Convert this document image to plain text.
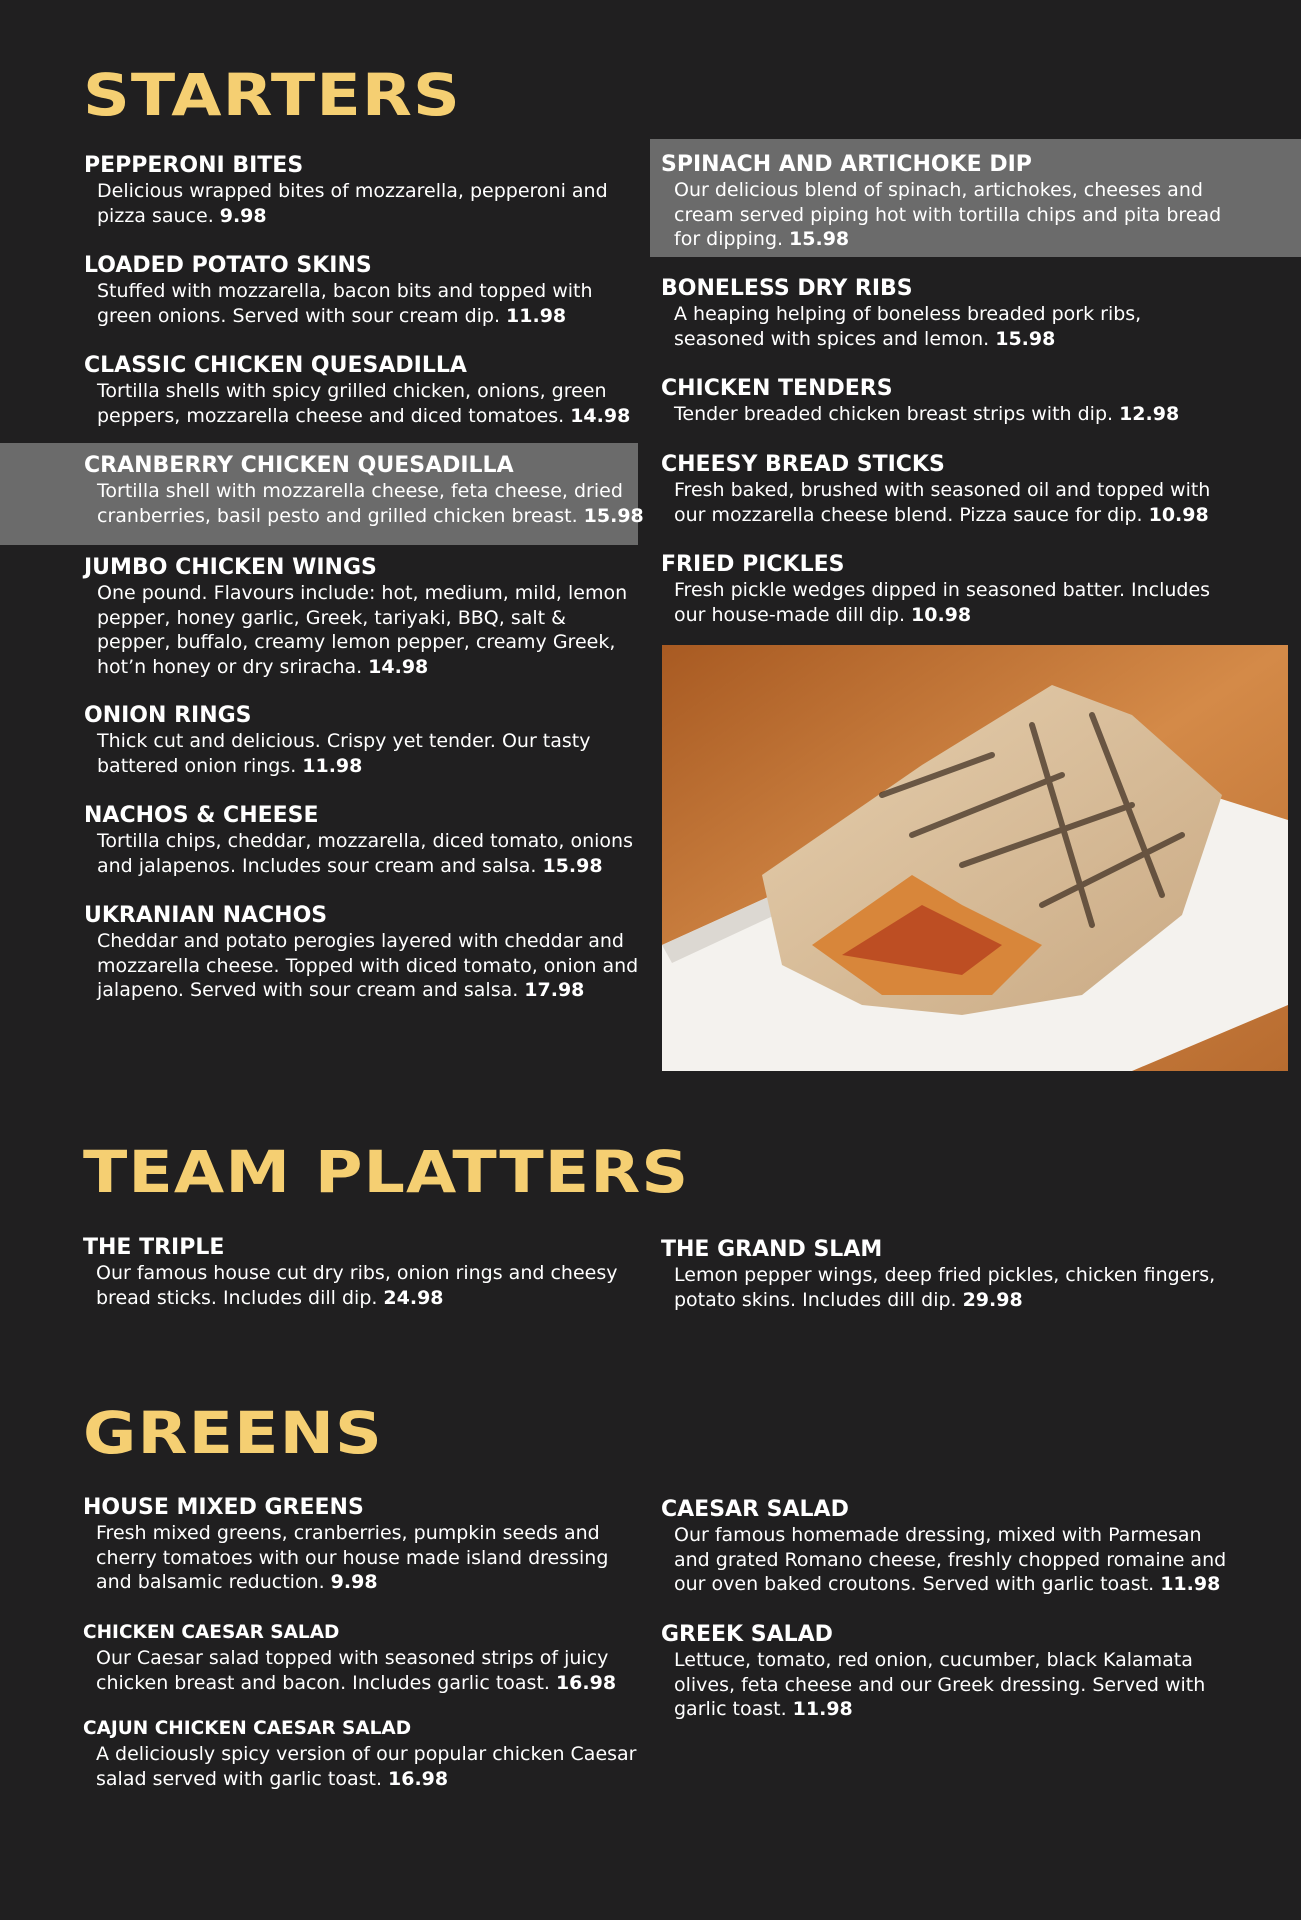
STARTERS

PEPPERONI BITES

Delicious wrapped bites of mozzarella, pepperoni and pizza sauce. 9.98

LOADED POTATO SKINS

Stuffed with mozzarella, bacon bits and topped with green onions. Served with sour cream dip. 11.98

CLASSIC CHICKEN QUESADILLA

Tortilla shells with spicy grilled chicken, onions, green peppers, mozzarella cheese and diced tomatoes. 14.98

CRANBERRY CHICKEN QUESADILLA

Tortilla shell with mozzarella cheese, feta cheese, dried cranberries, basil pesto and grilled chicken breast. 15.98

JUMBO CHICKEN WINGS

One pound. Flavours include: hot, medium, mild, lemon pepper, honey garlic, Greek, tariyaki, BBQ, salt & pepper, buffalo, creamy lemon pepper, creamy Greek, hot’n honey or dry sriracha. 14.98

ONION RINGS

Thick cut and delicious. Crispy yet tender. Our tasty battered onion rings. 11.98

NACHOS & CHEESE

Tortilla chips, cheddar, mozzarella, diced tomato, onions and jalapenos. Includes sour cream and salsa. 15.98

UKRANIAN NACHOS

Cheddar and potato perogies layered with cheddar and mozzarella cheese. Topped with diced tomato, onion and jalapeno. Served with sour cream and salsa. 17.98

SPINACH AND ARTICHOKE DIP

Our delicious blend of spinach, artichokes, cheeses and cream served piping hot with tortilla chips and pita bread for dipping. 15.98

BONELESS DRY RIBS

A heaping helping of boneless breaded pork ribs, seasoned with spices and lemon. 15.98

CHICKEN TENDERS

Tender breaded chicken breast strips with dip. 12.98

CHEESY BREAD STICKS

Fresh baked, brushed with seasoned oil and topped with our mozzarella cheese blend. Pizza sauce for dip. 10.98

FRIED PICKLES

Fresh pickle wedges dipped in seasoned batter. Includes our house-made dill dip. 10.98

TEAM PLATTERS

THE TRIPLE

Our famous house cut dry ribs, onion rings and cheesy bread sticks. Includes dill dip. 24.98

THE GRAND SLAM

Lemon pepper wings, deep fried pickles, chicken fingers, potato skins. Includes dill dip. 29.98

GREENS

HOUSE MIXED GREENS

Fresh mixed greens, cranberries, pumpkin seeds and cherry tomatoes with our house made island dressing and balsamic reduction. 9.98

CHICKEN CAESAR SALAD

Our Caesar salad topped with seasoned strips of juicy chicken breast and bacon. Includes garlic toast. 16.98

CAJUN CHICKEN CAESAR SALAD

A deliciously spicy version of our popular chicken Caesar salad served with garlic toast. 16.98

CAESAR SALAD

Our famous homemade dressing, mixed with Parmesan and grated Romano cheese, freshly chopped romaine and our oven baked croutons. Served with garlic toast. 11.98

GREEK SALAD

Lettuce, tomato, red onion, cucumber, black Kalamata olives, feta cheese and our Greek dressing. Served with garlic toast. 11.98
